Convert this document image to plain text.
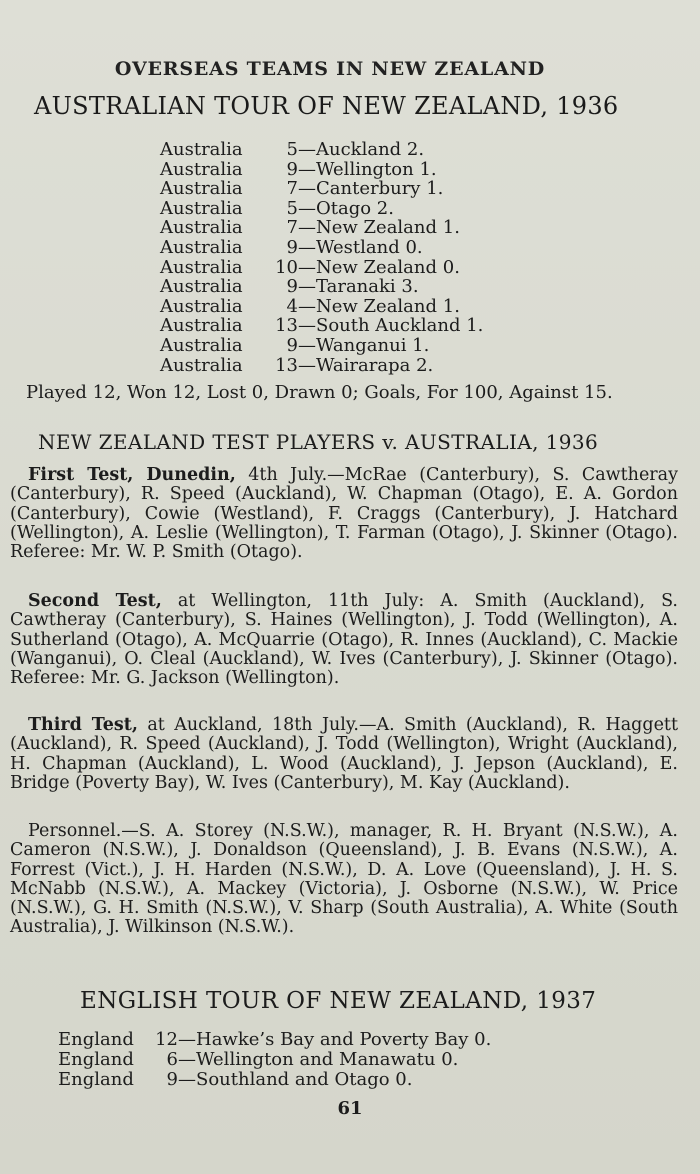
OVERSEAS TEAMS IN NEW ZEALAND
AUSTRALIAN TOUR OF NEW ZEALAND, 1936
Australia 5—Auckland 2.
Australia 9—Wellington 1.
Australia 7—Canterbury 1.
Australia 5—Otago 2.
Australia 7—New Zealand 1.
Australia 9—Westland 0.
Australia 10—New Zealand 0.
Australia 9—Taranaki 3.
Australia 4—New Zealand 1.
Australia 13—South Auckland 1.
Australia 9—Wanganui 1.
Australia 13—Wairarapa 2.
Played 12, Won 12, Lost 0, Drawn 0; Goals, For 100, Against 15.
NEW ZEALAND TEST PLAYERS v. AUSTRALIA, 1936
First Test, Dunedin, 4th July.—McRae (Canterbury), S. Cawtheray (Canterbury), R. Speed (Auckland), W. Chapman (Otago), E. A. Gordon (Canterbury), Cowie (Westland), F. Craggs (Canterbury), J. Hatchard (Wellington), A. Leslie (Wellington), T. Farman (Otago), J. Skinner (Otago). Referee: Mr. W. P. Smith (Otago).
Second Test, at Wellington, 11th July: A. Smith (Auckland), S. Cawtheray (Canterbury), S. Haines (Wellington), J. Todd (Wellington), A. Sutherland (Otago), A. McQuarrie (Otago), R. Innes (Auckland), C. Mackie (Wanganui), O. Cleal (Auckland), W. Ives (Canterbury), J. Skinner (Otago). Referee: Mr. G. Jackson (Wellington).
Third Test, at Auckland, 18th July.—A. Smith (Auckland), R. Haggett (Auckland), R. Speed (Auckland), J. Todd (Wellington), Wright (Auckland), H. Chapman (Auckland), L. Wood (Auckland), J. Jepson (Auckland), E. Bridge (Poverty Bay), W. Ives (Canterbury), M. Kay (Auckland).
Personnel.—S. A. Storey (N.S.W.), manager, R. H. Bryant (N.S.W.), A. Cameron (N.S.W.), J. Donaldson (Queensland), J. B. Evans (N.S.W.), A. Forrest (Vict.), J. H. Harden (N.S.W.), D. A. Love (Queensland), J. H. S. McNabb (N.S.W.), A. Mackey (Victoria), J. Osborne (N.S.W.), W. Price (N.S.W.), G. H. Smith (N.S.W.), V. Sharp (South Australia), A. White (South Australia), J. Wilkinson (N.S.W.).
ENGLISH TOUR OF NEW ZEALAND, 1937
England 12—Hawke’s Bay and Poverty Bay 0.
England 6—Wellington and Manawatu 0.
England 9—Southland and Otago 0.
61
